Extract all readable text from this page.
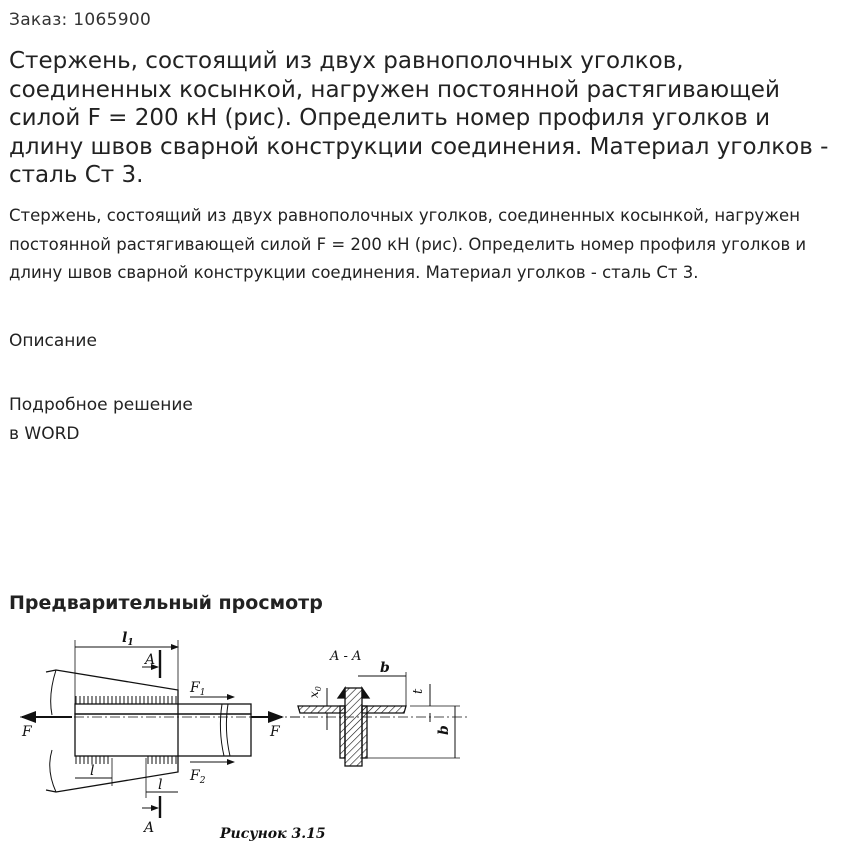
Заказ: 1065900
Стержень, состоящий из двух равнополочных уголков, соединенных косынкой, нагружен постоянной растягивающей силой F = 200 кН (рис). Определить номер профиля уголков и длину швов сварной конструкции соединения. Материал уголков - сталь Ст 3.

Стержень, состоящий из двух равнополочных уголков, соединенных косынкой, нагружен постоянной растягивающей силой F = 200 кН (рис). Определить номер профиля уголков и длину швов сварной конструкции соединения. Материал уголков - сталь Ст 3.

Описание
Подробное решение
в WORD
Предварительный просмотр
$l_1$
A
A
$F_1$
$F_2$
F	F
l
l
A - A
b
b
t
$x_0$
Рисунок 3.15
